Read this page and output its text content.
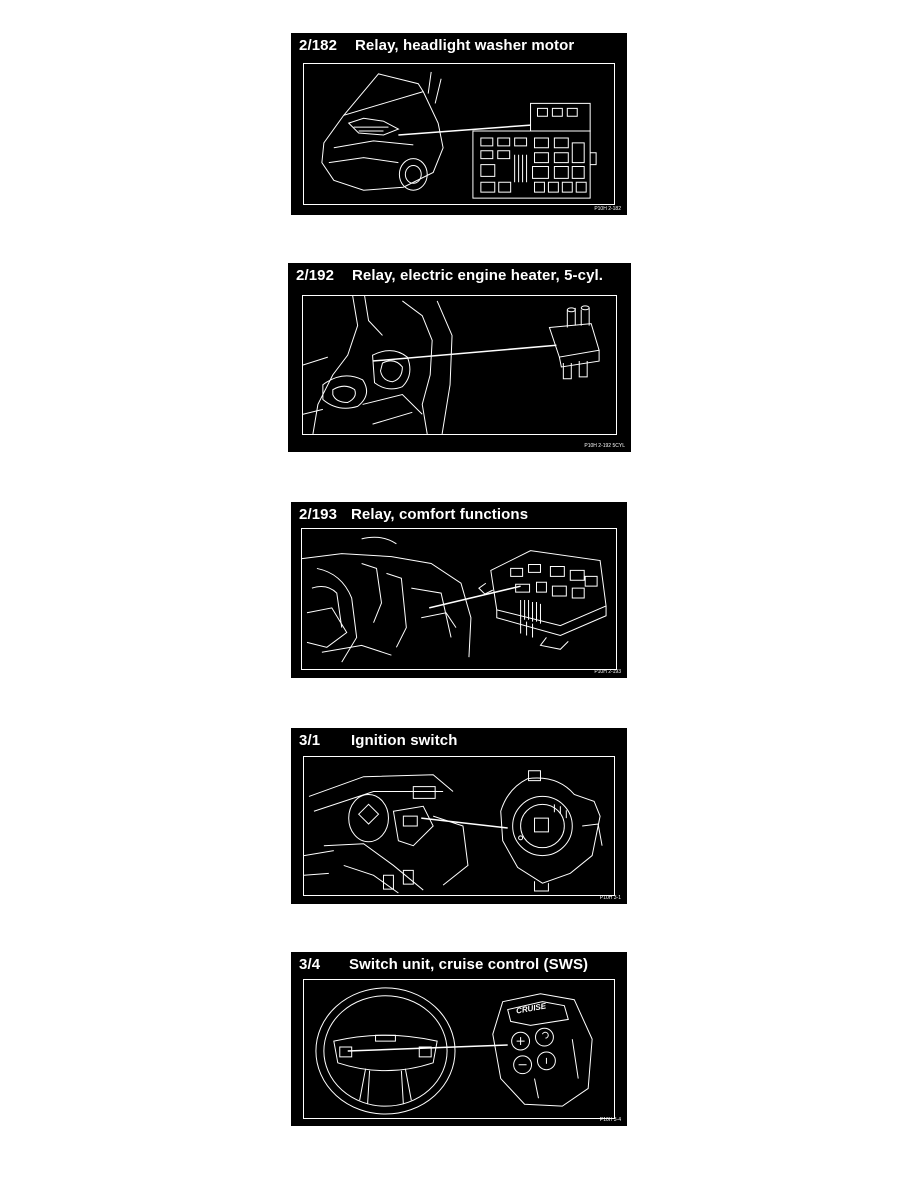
2/182 Relay, headlight washer motor
P10H 2-182
2/192 Relay, electric engine heater, 5-cyl.
P10H 2-192 5CYL
2/193 Relay, comfort functions
P10H 2-193
3/1 Ignition switch
P10H 3-1
3/4 Switch unit, cruise control (SWS)
CRUISE
P10H 3-4
